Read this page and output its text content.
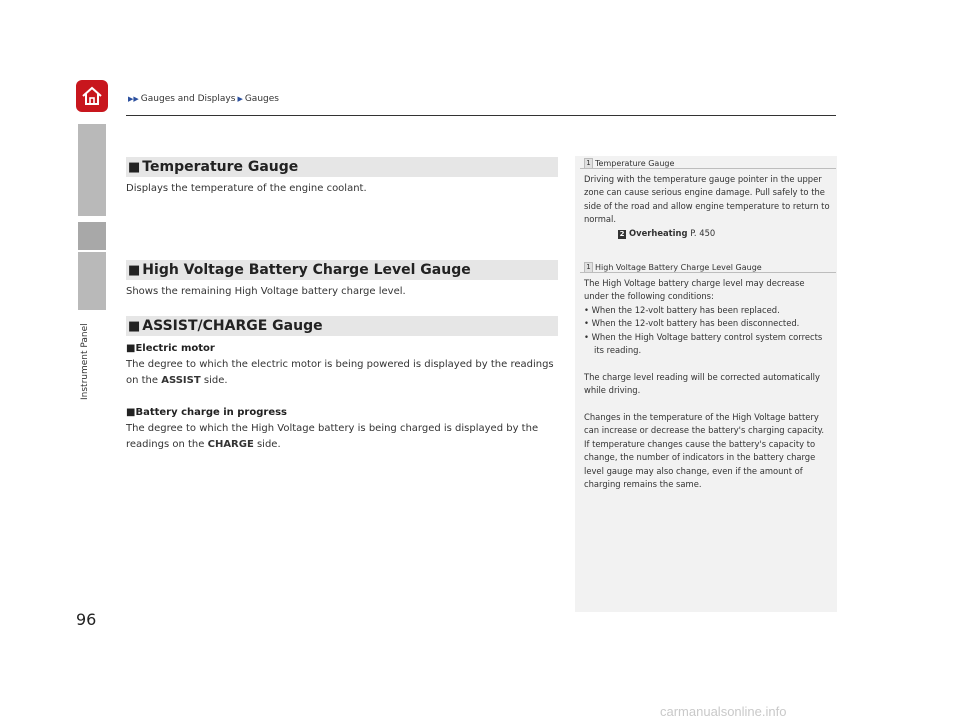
Instrument Panel
▶▶ Gauges and Displays ▶ Gauges
■ Temperature Gauge
Displays the temperature of the engine coolant.
■ High Voltage Battery Charge Level Gauge
Shows the remaining High Voltage battery charge level.
■ ASSIST/CHARGE Gauge
■Electric motor
The degree to which the electric motor is being powered is displayed by the readings on the ASSIST side.
■Battery charge in progress
The degree to which the High Voltage battery is being charged is displayed by the readings on the CHARGE side.
1 Temperature Gauge
Driving with the temperature gauge pointer in the upper zone can cause serious engine damage. Pull safely to the side of the road and allow engine temperature to return to normal.
2 Overheating P. 450
1 High Voltage Battery Charge Level Gauge
The High Voltage battery charge level may decrease under the following conditions:
• When the 12-volt battery has been replaced.
• When the 12-volt battery has been disconnected.
• When the High Voltage battery control system corrects its reading.
The charge level reading will be corrected automatically while driving.
Changes in the temperature of the High Voltage battery can increase or decrease the battery's charging capacity. If temperature changes cause the battery's capacity to change, the number of indicators in the battery charge level gauge may also change, even if the amount of charging remains the same.
96
carmanualsonline.info
